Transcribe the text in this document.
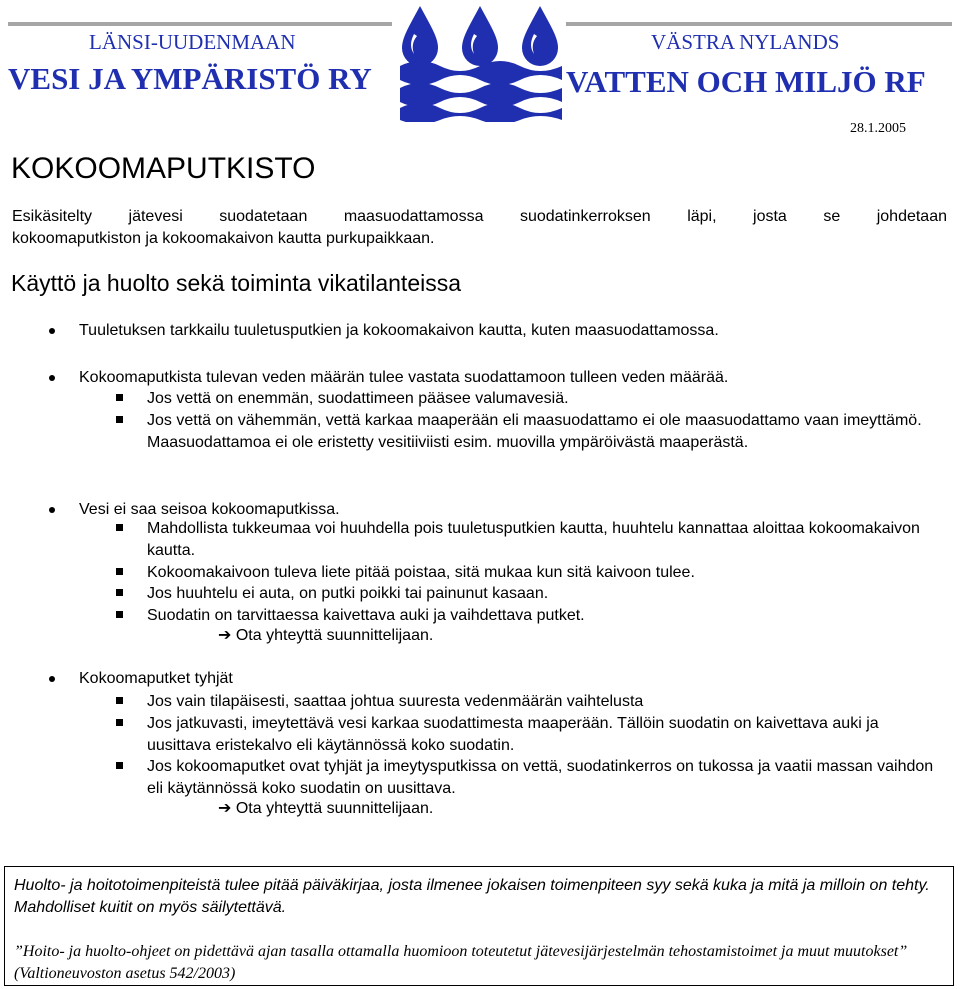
LÄNSI-UUDENMAAN
VESI JA YMPÄRISTÖ RY
VÄSTRA NYLANDS
VATTEN OCH MILJÖ RF
28.1.2005
KOKOOMAPUTKISTO
Esikäsitelty jätevesi suodatetaan maasuodattamossa suodatinkerroksen läpi, josta se johdetaan
kokoomaputkiston ja kokoomakaivon kautta purkupaikkaan.
Käyttö ja huolto sekä toiminta vikatilanteissa
Tuuletuksen tarkkailu tuuletusputkien ja kokoomakaivon kautta, kuten maasuodattamossa.
Kokoomaputkista tulevan veden määrän tulee vastata suodattamoon tulleen veden määrää.
Jos vettä on enemmän, suodattimeen pääsee valumavesiä.
Jos vettä on vähemmän, vettä karkaa maaperään eli maasuodattamo ei ole maasuodattamo vaan imeyttämö. Maasuodattamoa ei ole eristetty vesitiiviisti esim. muovilla ympäröivästä maaperästä.
Vesi ei saa seisoa kokoomaputkissa.
Mahdollista tukkeumaa voi huuhdella pois tuuletusputkien kautta, huuhtelu kannattaa aloittaa kokoomakaivon kautta.
Kokoomakaivoon tuleva liete pitää poistaa, sitä mukaa kun sitä kaivoon tulee.
Jos huuhtelu ei auta, on putki poikki tai painunut kasaan.
Suodatin on tarvittaessa kaivettava auki ja vaihdettava putket.
➔ Ota yhteyttä suunnittelijaan.
Kokoomaputket tyhjät
Jos vain tilapäisesti, saattaa johtua suuresta vedenmäärän vaihtelusta
Jos jatkuvasti, imeytettävä vesi karkaa suodattimesta maaperään. Tällöin suodatin on kaivettava auki ja uusittava eristekalvo eli käytännössä koko suodatin.
Jos kokoomaputket ovat tyhjät ja imeytysputkissa on vettä, suodatinkerros on tukossa ja vaatii massan vaihdon eli käytännössä koko suodatin on uusittava.
➔ Ota yhteyttä suunnittelijaan.
Huolto- ja hoitotoimenpiteistä tulee pitää päiväkirjaa, josta ilmenee jokaisen toimenpiteen syy sekä kuka ja mitä ja milloin on tehty. Mahdolliset kuitit on myös säilytettävä.
”Hoito- ja huolto-ohjeet on pidettävä ajan tasalla ottamalla huomioon toteutetut jätevesijärjestelmän tehostamistoimet ja muut muutokset” (Valtioneuvoston asetus 542/2003)
